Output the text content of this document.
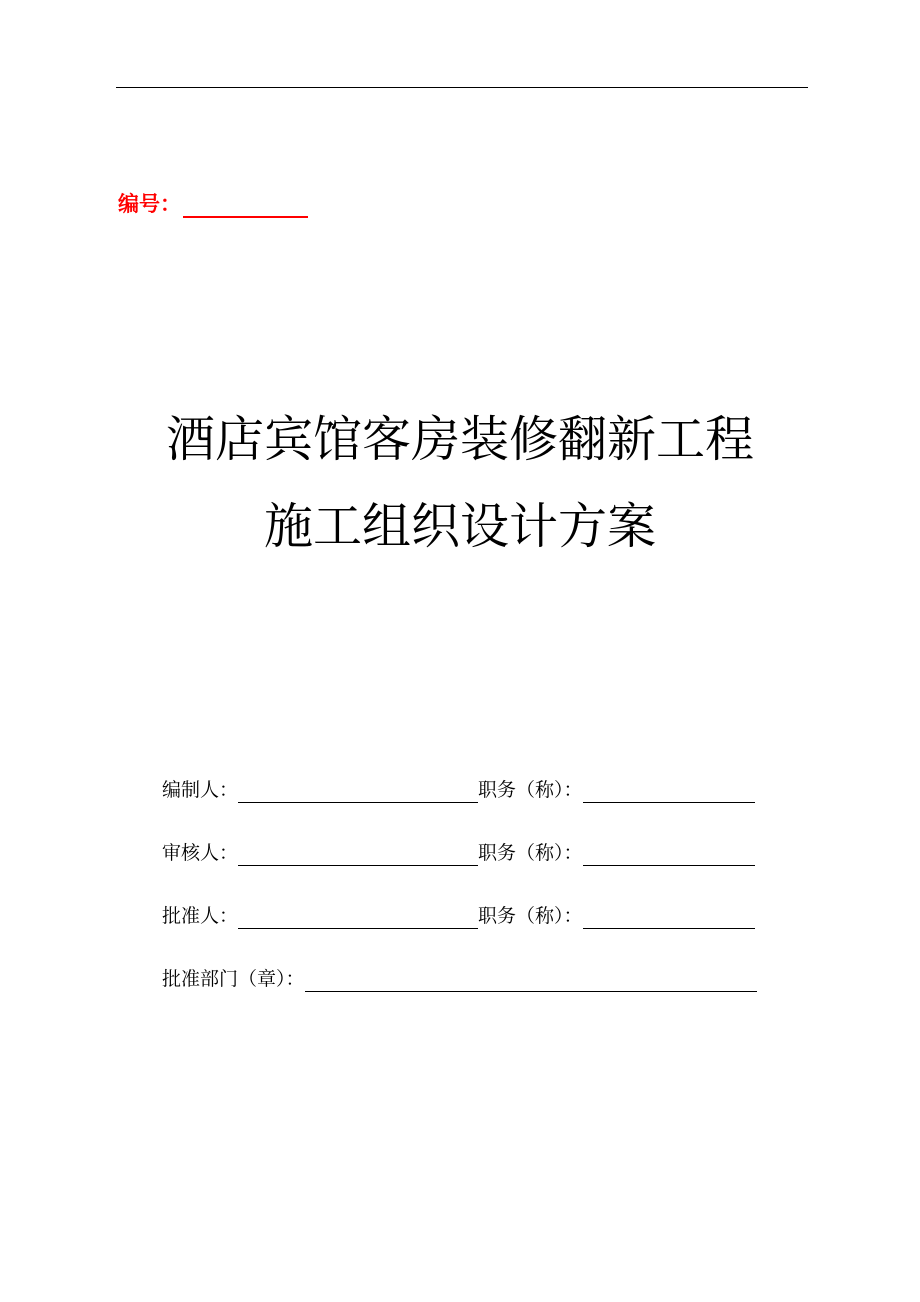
编号：
酒店宾馆客房装修翻新工程
施工组织设计方案
编制人：	职务（称）：
审核人：	职务（称）：
批准人：	职务（称）：
批准部门（章）：
